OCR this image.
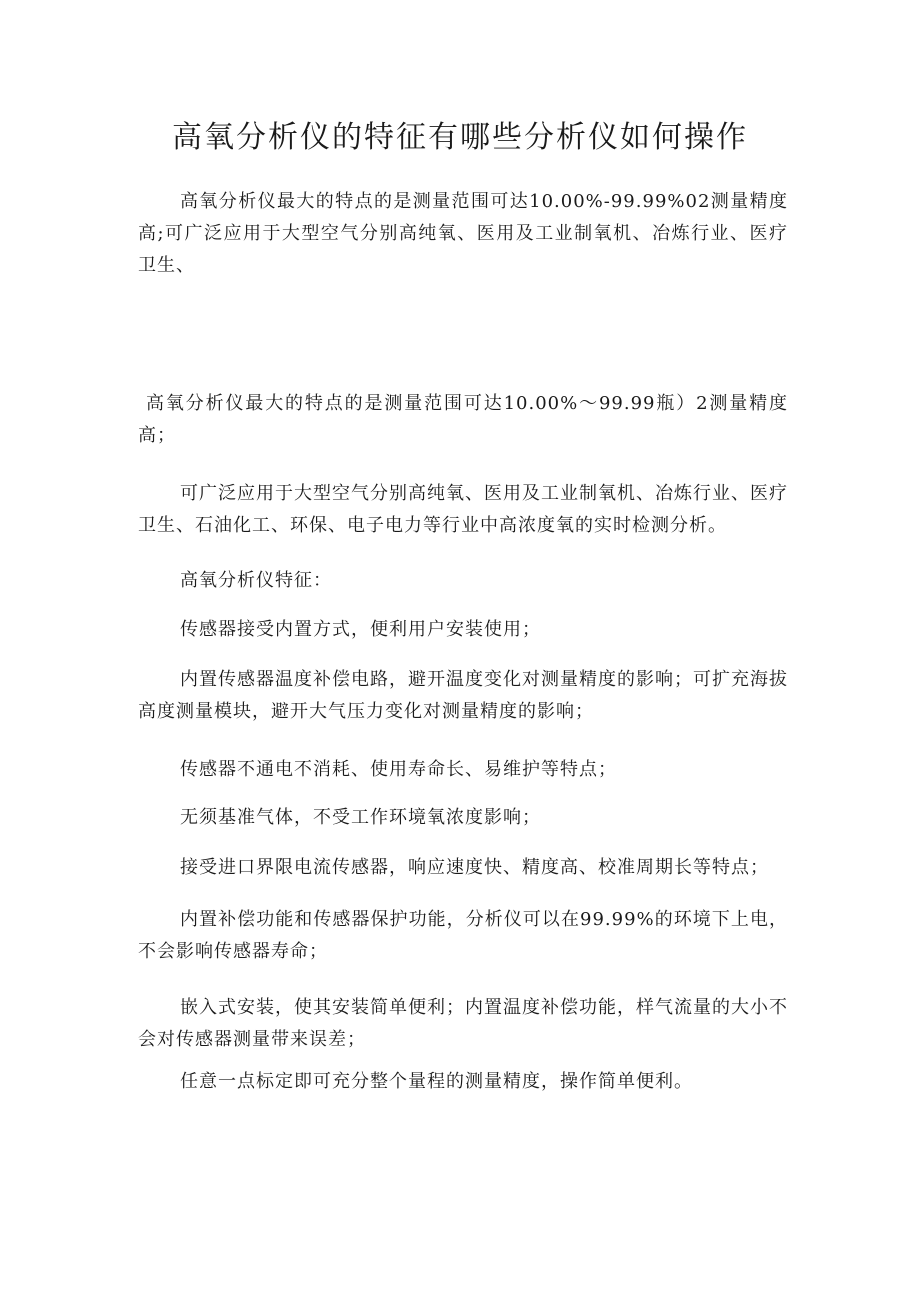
高氧分析仪的特征有哪些分析仪如何操作

高氧分析仪最大的特点的是测量范围可达10.00%-99.99%02测量精度高;可广泛应用于大型空气分别高纯氧、医用及工业制氧机、冶炼行业、医疗卫生、

高氧分析仪最大的特点的是测量范围可达10.00%～99.99瓶）2测量精度高；

可广泛应用于大型空气分别高纯氧、医用及工业制氧机、冶炼行业、医疗卫生、石油化工、环保、电子电力等行业中高浓度氧的实时检测分析。

高氧分析仪特征：

传感器接受内置方式，便利用户安装使用；

内置传感器温度补偿电路，避开温度变化对测量精度的影响；可扩充海拔高度测量模块，避开大气压力变化对测量精度的影响；

传感器不通电不消耗、使用寿命长、易维护等特点；

无须基准气体，不受工作环境氧浓度影响；

接受进口界限电流传感器，响应速度快、精度高、校准周期长等特点；

内置补偿功能和传感器保护功能，分析仪可以在99.99%的环境下上电，不会影响传感器寿命；

嵌入式安装，使其安装简单便利；内置温度补偿功能，样气流量的大小不会对传感器测量带来误差；

任意一点标定即可充分整个量程的测量精度，操作简单便利。
